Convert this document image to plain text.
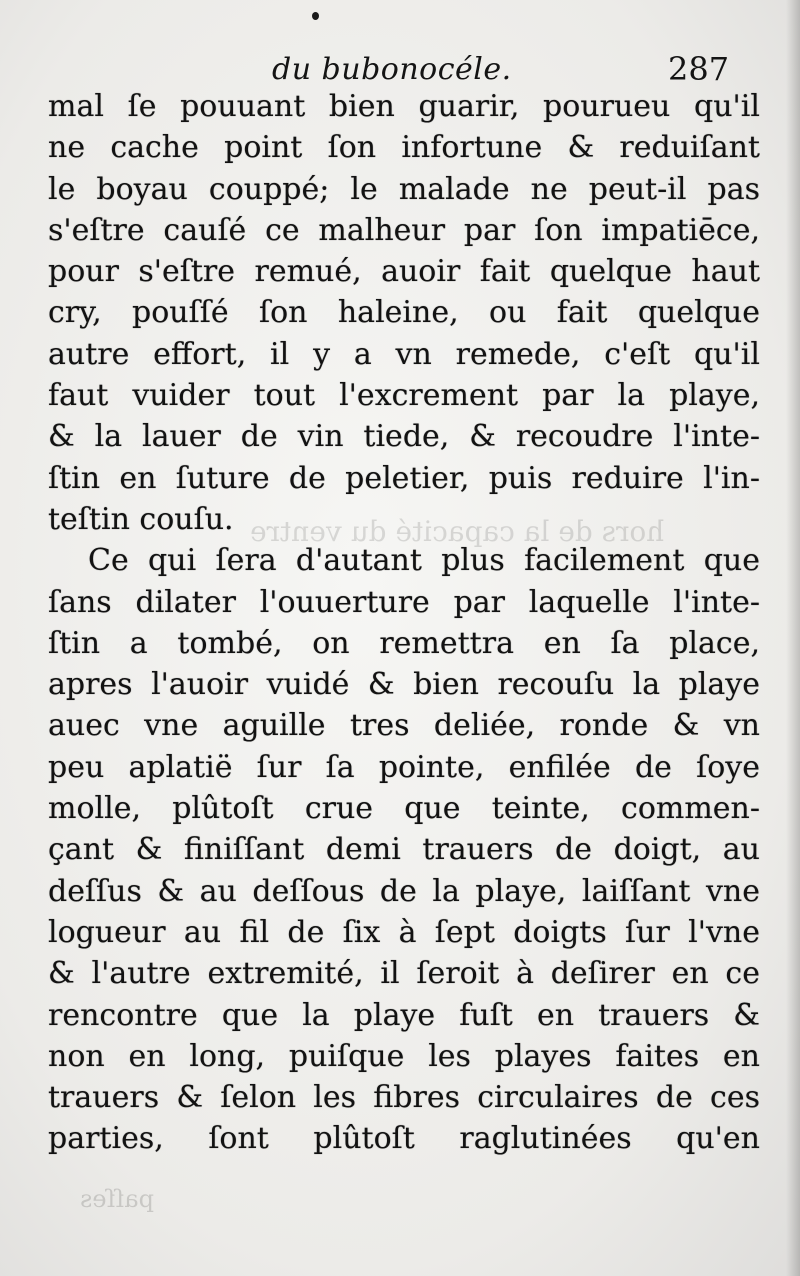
hors de la capacité du ventre
paſſes
du bubonocéle.	287
mal ſe pouuant bien guarir, pourueu qu'il
ne cache point ſon infortune & reduiſant
le boyau couppé; le malade ne peut-il pas
s'eſtre cauſé ce malheur par ſon impatiēce,
pour s'eſtre remué, auoir fait quelque haut
cry, pouſſé ſon haleine, ou fait quelque
autre effort, il y a vn remede, c'eſt qu'il
faut vuider tout l'excrement par la playe,
& la lauer de vin tiede, & recoudre l'inte-
ſtin en ſuture de peletier, puis reduire l'in-
teſtin couſu.
Ce qui ſera d'autant plus facilement que
ſans dilater l'ouuerture par laquelle l'inte-
ſtin a tombé, on remettra en ſa place,
apres l'auoir vuidé & bien recouſu la playe
auec vne aguille tres deliée, ronde & vn
peu aplatië ſur ſa pointe, enfilée de ſoye
molle, plûtoſt crue que teinte, commen-
çant & finiſſant demi trauers de doigt, au
deſſus & au deſſous de la playe, laiſſant vne
logueur au fil de ſix à ſept doigts ſur l'vne
& l'autre extremité, il ſeroit à deſirer en ce
rencontre que la playe fuſt en trauers &
non en long, puiſque les playes faites en
trauers & ſelon les fibres circulaires de ces
parties, ſont plûtoſt raglutinées qu'en
